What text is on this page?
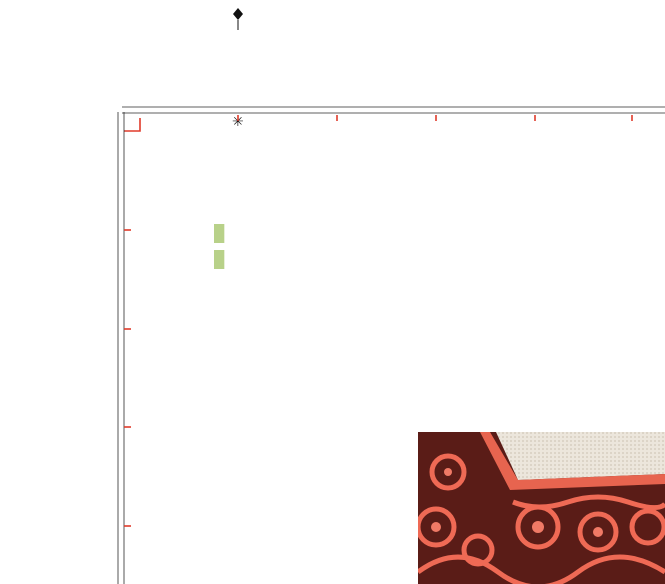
✳
